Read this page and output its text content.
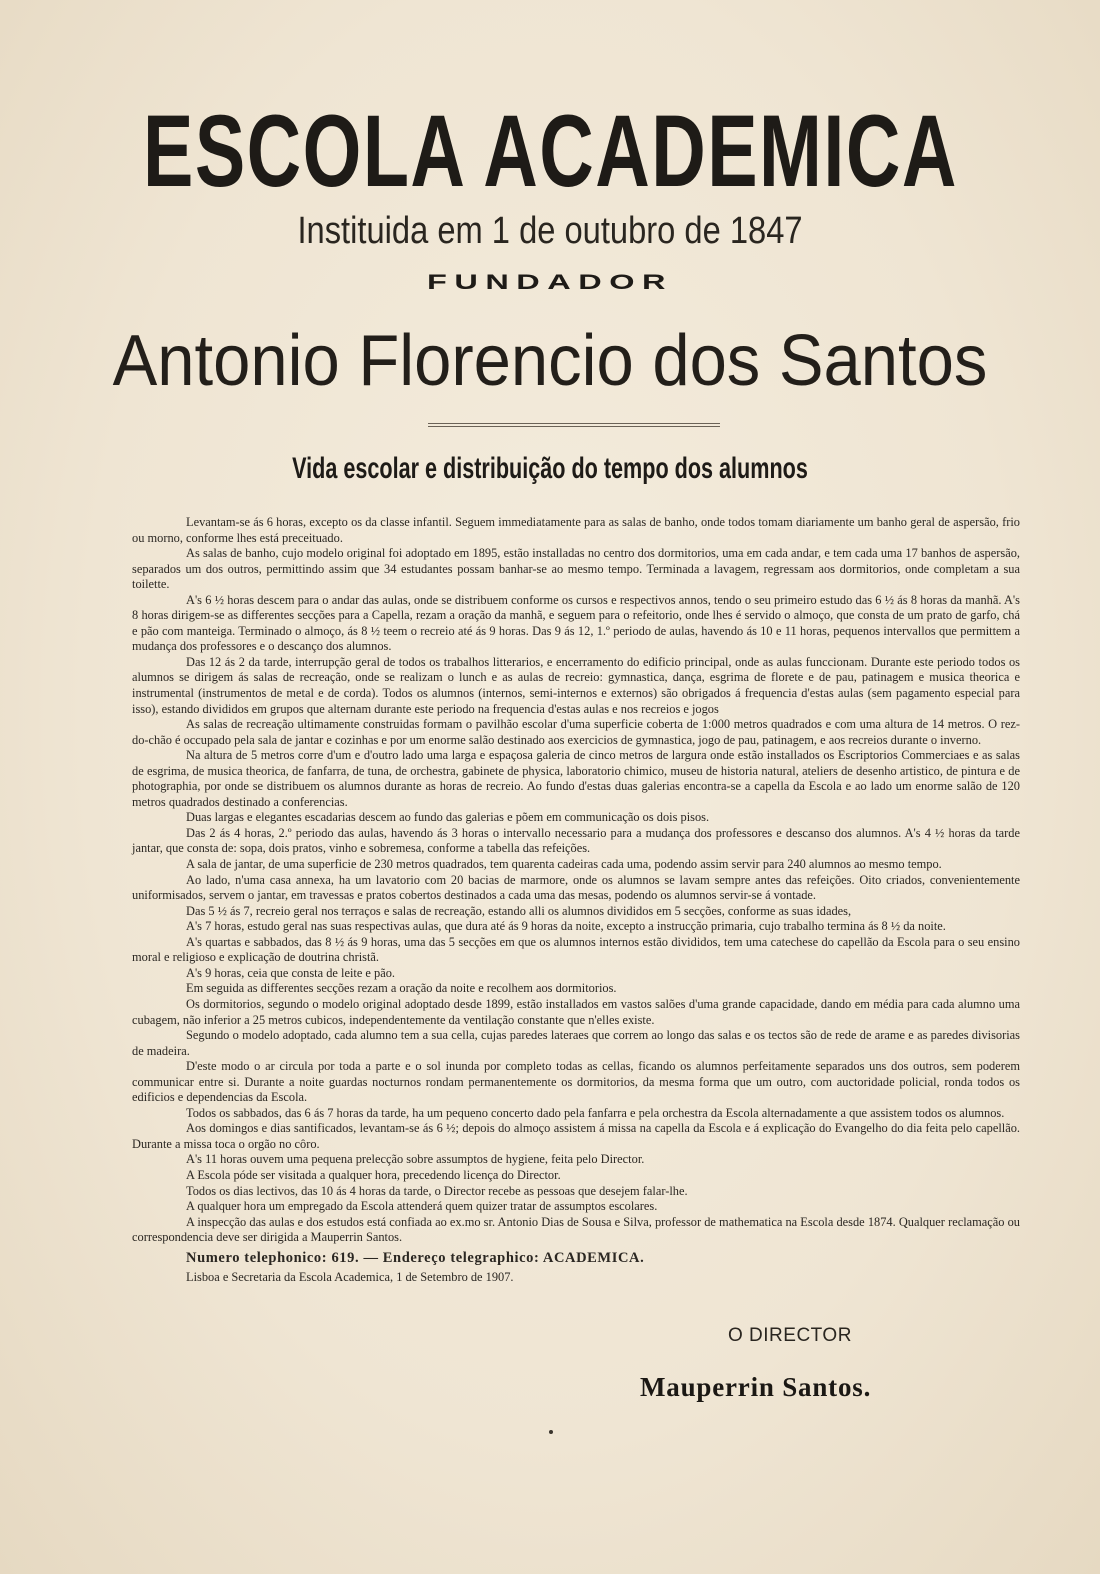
ESCOLA ACADEMICA
Instituida em 1 de outubro de 1847
FUNDADOR
Antonio Florencio dos Santos
Vida escolar e distribuição do tempo dos alumnos

Levantam-se ás 6 horas, excepto os da classe infantil. Seguem immediatamente para as salas de banho, onde todos tomam diariamente um banho geral de aspersão, frio ou morno, conforme lhes está preceituado.

As salas de banho, cujo modelo original foi adoptado em 1895, estão installadas no centro dos dormitorios, uma em cada andar, e tem cada uma 17 banhos de aspersão, separados um dos outros, permittindo assim que 34 estudantes possam banhar-se ao mesmo tempo. Terminada a lavagem, regressam aos dormitorios, onde completam a sua toilette.

A's 6 ½ horas descem para o andar das aulas, onde se distribuem conforme os cursos e respectivos annos, tendo o seu primeiro estudo das 6 ½ ás 8 horas da manhã. A's 8 horas dirigem-se as differentes secções para a Capella, rezam a oração da manhã, e seguem para o refeitorio, onde lhes é servido o almoço, que consta de um prato de garfo, chá e pão com manteiga. Terminado o almoço, ás 8 ½ teem o recreio até ás 9 horas. Das 9 ás 12, 1.º periodo de aulas, havendo ás 10 e 11 horas, pequenos intervallos que permittem a mudança dos professores e o descanço dos alumnos.

Das 12 ás 2 da tarde, interrupção geral de todos os trabalhos litterarios, e encerramento do edificio principal, onde as aulas funccionam. Durante este periodo todos os alumnos se dirigem ás salas de recreação, onde se realizam o lunch e as aulas de recreio: gymnastica, dança, esgrima de florete e de pau, patinagem e musica theorica e instrumental (instrumentos de metal e de corda). Todos os alumnos (internos, semi-internos e externos) são obrigados á frequencia d'estas aulas (sem pagamento especial para isso), estando divididos em grupos que alternam durante este periodo na frequencia d'estas aulas e nos recreios e jogos

As salas de recreação ultimamente construidas formam o pavilhão escolar d'uma superficie coberta de 1:000 metros quadrados e com uma altura de 14 metros. O rez-do-chão é occupado pela sala de jantar e cozinhas e por um enorme salão destinado aos exercicios de gymnastica, jogo de pau, patinagem, e aos recreios durante o inverno.

Na altura de 5 metros corre d'um e d'outro lado uma larga e espaçosa galeria de cinco metros de largura onde estão installados os Escriptorios Commerciaes e as salas de esgrima, de musica theorica, de fanfarra, de tuna, de orchestra, gabinete de physica, laboratorio chimico, museu de historia natural, ateliers de desenho artistico, de pintura e de photographia, por onde se distribuem os alumnos durante as horas de recreio. Ao fundo d'estas duas galerias encontra-se a capella da Escola e ao lado um enorme salão de 120 metros quadrados destinado a conferencias.

Duas largas e elegantes escadarias descem ao fundo das galerias e põem em communicação os dois pisos.

Das 2 ás 4 horas, 2.º periodo das aulas, havendo ás 3 horas o intervallo necessario para a mudança dos professores e descanso dos alumnos. A's 4 ½ horas da tarde jantar, que consta de: sopa, dois pratos, vinho e sobremesa, conforme a tabella das refeições.

A sala de jantar, de uma superficie de 230 metros quadrados, tem quarenta cadeiras cada uma, podendo assim servir para 240 alumnos ao mesmo tempo.

Ao lado, n'uma casa annexa, ha um lavatorio com 20 bacias de marmore, onde os alumnos se lavam sempre antes das refeições. Oito criados, convenientemente uniformisados, servem o jantar, em travessas e pratos cobertos destinados a cada uma das mesas, podendo os alumnos servir-se á vontade.

Das 5 ½ ás 7, recreio geral nos terraços e salas de recreação, estando alli os alumnos divididos em 5 secções, conforme as suas idades,

A's 7 horas, estudo geral nas suas respectivas aulas, que dura até ás 9 horas da noite, excepto a instrucção primaria, cujo trabalho termina ás 8 ½ da noite.

A's quartas e sabbados, das 8 ½ ás 9 horas, uma das 5 secções em que os alumnos internos estão divididos, tem uma catechese do capellão da Escola para o seu ensino moral e religioso e explicação de doutrina christã.

A's 9 horas, ceia que consta de leite e pão.

Em seguida as differentes secções rezam a oração da noite e recolhem aos dormitorios.

Os dormitorios, segundo o modelo original adoptado desde 1899, estão installados em vastos salões d'uma grande capacidade, dando em média para cada alumno uma cubagem, não inferior a 25 metros cubicos, independentemente da ventilação constante que n'elles existe.

Segundo o modelo adoptado, cada alumno tem a sua cella, cujas paredes lateraes que correm ao longo das salas e os tectos são de rede de arame e as paredes divisorias de madeira.

D'este modo o ar circula por toda a parte e o sol inunda por completo todas as cellas, ficando os alumnos perfeitamente separados uns dos outros, sem poderem communicar entre si. Durante a noite guardas nocturnos rondam permanentemente os dormitorios, da mesma forma que um outro, com auctoridade policial, ronda todos os edificios e dependencias da Escola.

Todos os sabbados, das 6 ás 7 horas da tarde, ha um pequeno concerto dado pela fanfarra e pela orchestra da Escola alternadamente a que assistem todos os alumnos.

Aos domingos e dias santificados, levantam-se ás 6 ½; depois do almoço assistem á missa na capella da Escola e á explicação do Evangelho do dia feita pelo capellão. Durante a missa toca o orgão no côro.

A's 11 horas ouvem uma pequena prelecção sobre assumptos de hygiene, feita pelo Director.

A Escola póde ser visitada a qualquer hora, precedendo licença do Director.

Todos os dias lectivos, das 10 ás 4 horas da tarde, o Director recebe as pessoas que desejem falar-lhe.

A qualquer hora um empregado da Escola attenderá quem quizer tratar de assumptos escolares.

A inspecção das aulas e dos estudos está confiada ao ex.mo sr. Antonio Dias de Sousa e Silva, professor de mathematica na Escola desde 1874. Qualquer reclamação ou correspondencia deve ser dirigida a Mauperrin Santos.

Numero telephonico: 619. — Endereço telegraphico: ACADEMICA.

Lisboa e Secretaria da Escola Academica, 1 de Setembro de 1907.

O DIRECTOR
Mauperrin Santos.
